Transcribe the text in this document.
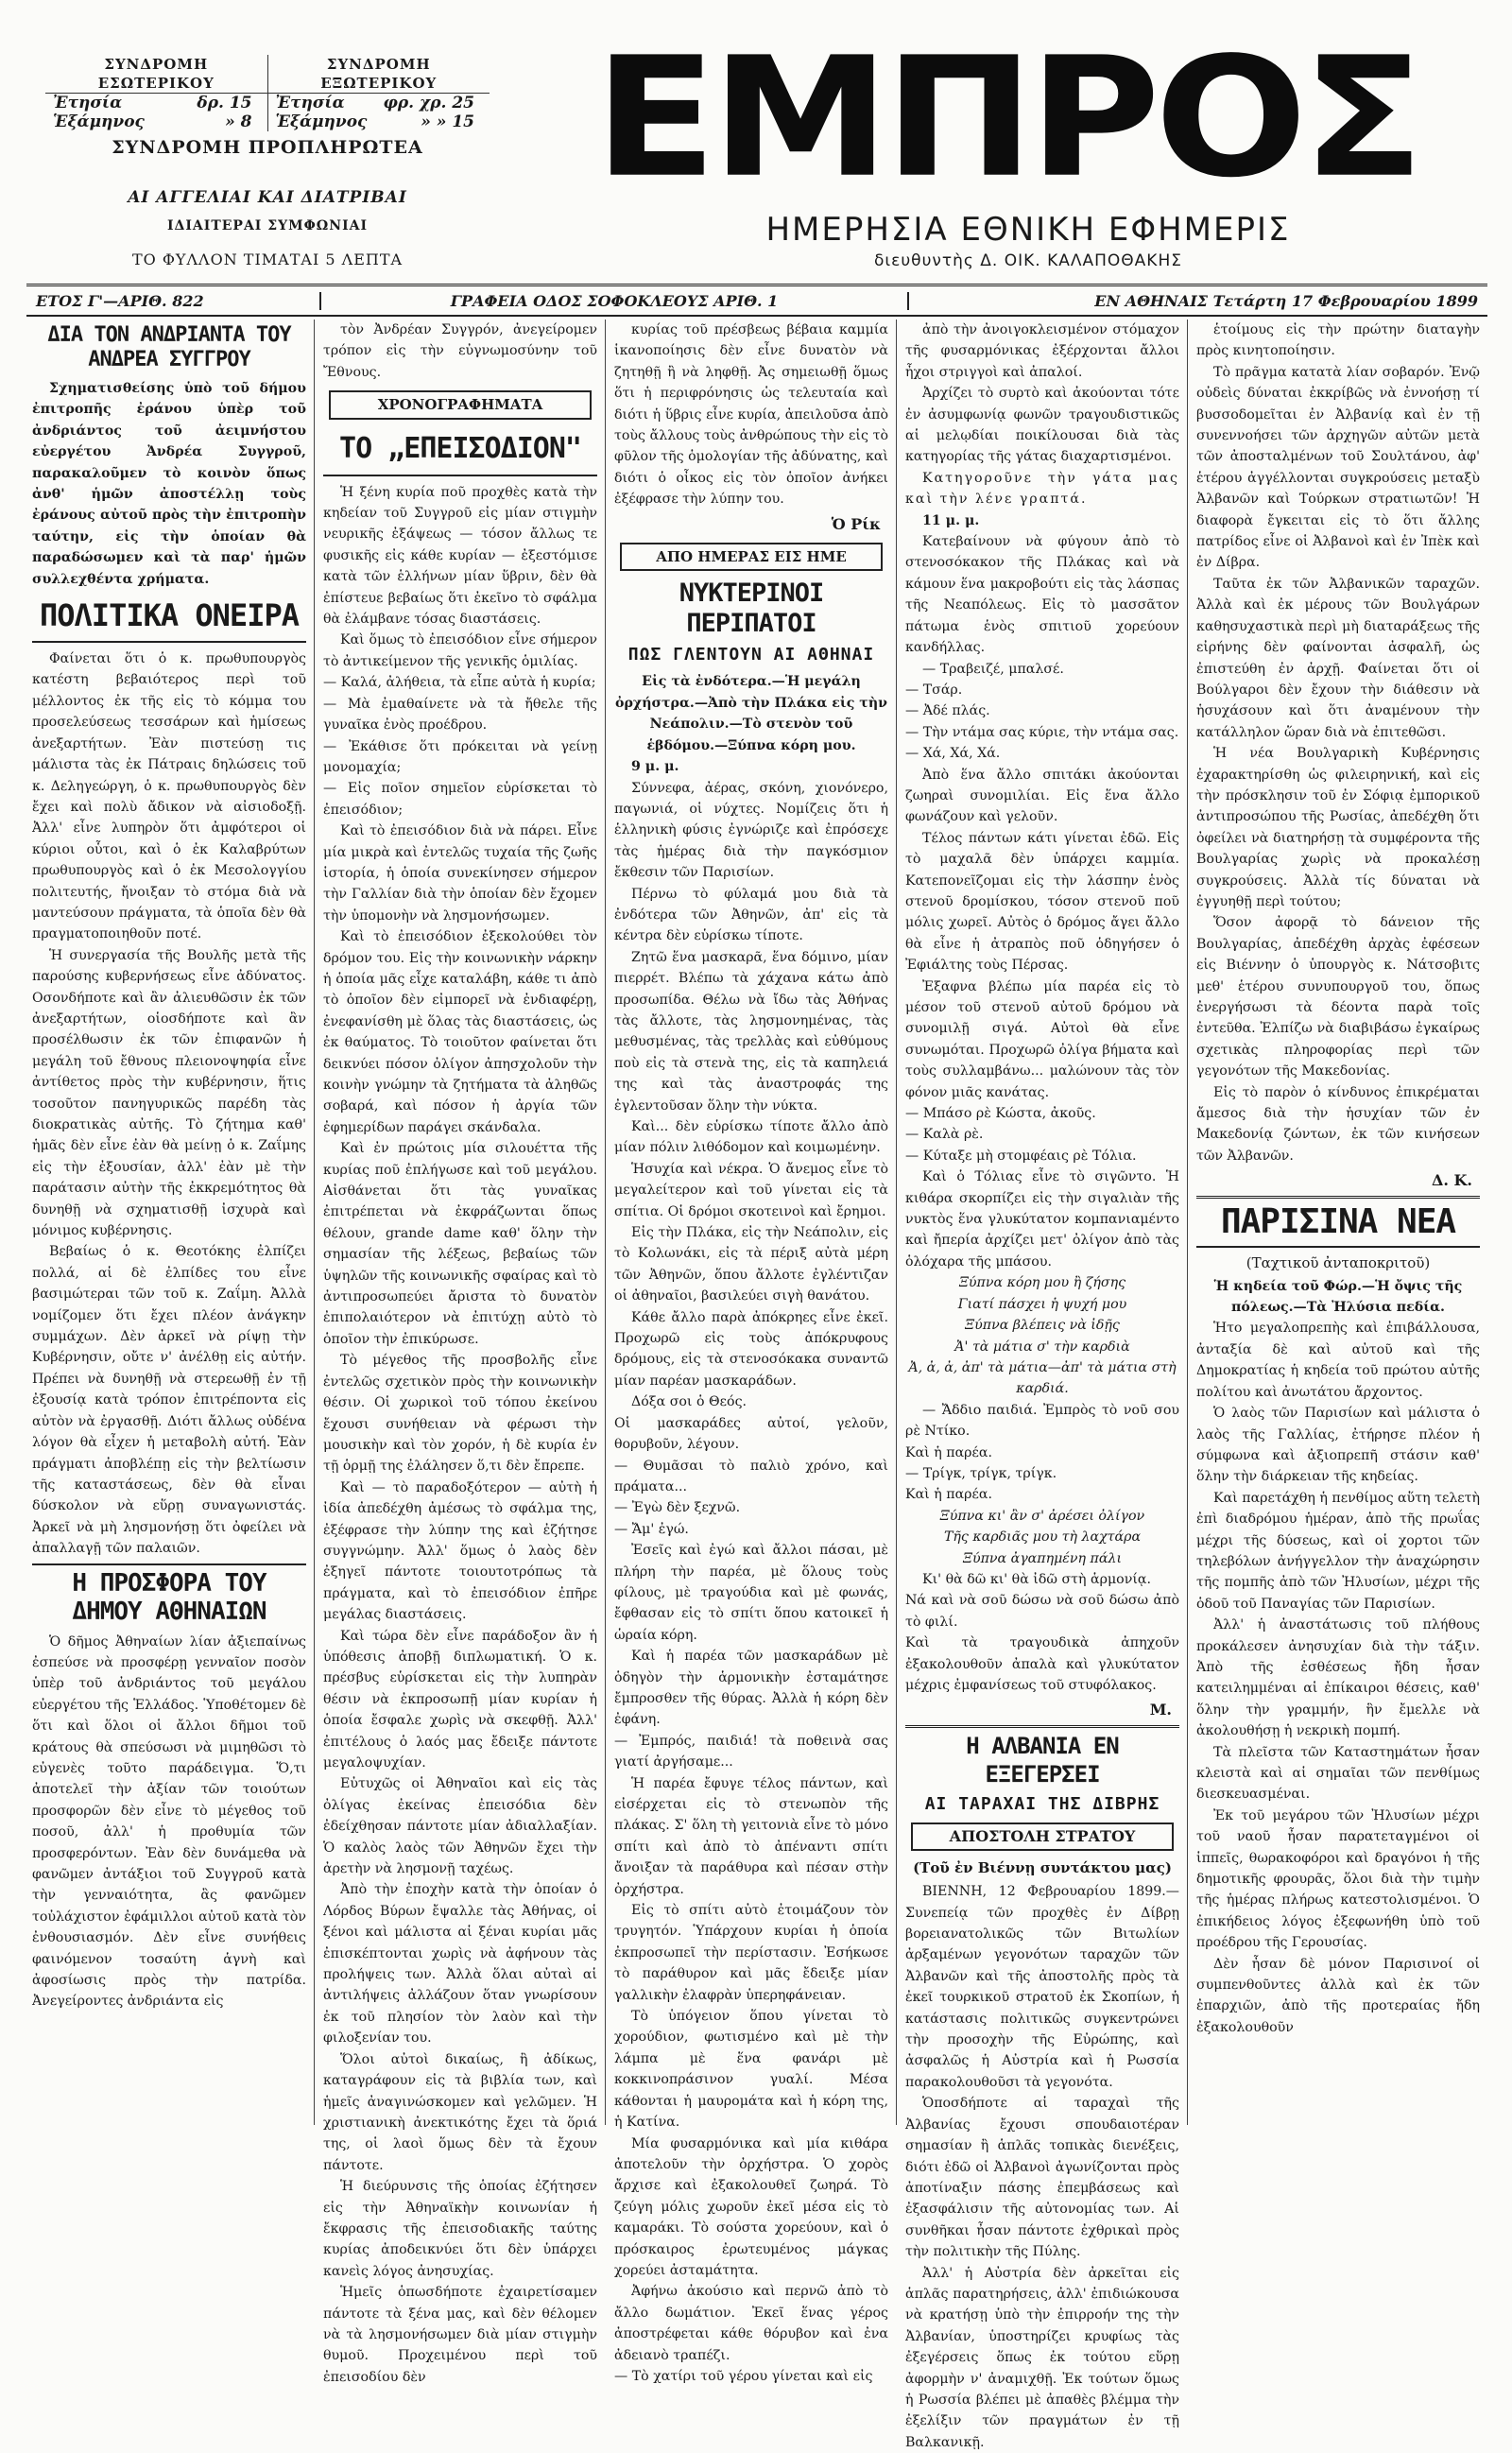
ΣΥΝΔΡΟΜΗ ΕΣΩΤΕΡΙΚΟΥ
Ἐτησία	δρ. 15
Ἑξάμηνος	» 8
ΣΥΝΔΡΟΜΗ ΕΞΩΤΕΡΙΚΟΥ
Ἐτησία φρ. χρ. 25
Ἑξάμηνος	» » 15
ΣΥΝΔΡΟΜΗ ΠΡΟΠΛΗΡΩΤΕΑ
ΑΙ ΑΓΓΕΛΙΑΙ ΚΑΙ ΔΙΑΤΡΙΒΑΙ
ΙΔΙΑΙΤΕΡΑΙ ΣΥΜΦΩΝΙΑΙ
ΤΟ ΦΥΛΛΟΝ ΤΙΜΑΤΑΙ 5 ΛΕΠΤΑ
ΕΜΠΡΟΣ
ΗΜΕΡΗΣΙΑ ΕΘΝΙΚΗ ΕΦΗΜΕΡΙΣ
διευθυντὴς Δ. ΟΙΚ. ΚΑΛΑΠΟΘΑΚΗΣ
ΕΤΟΣ Γ'—ΑΡΙΘ. 822	ΓΡΑΦΕΙΑ ΟΔΟΣ ΣΟΦΟΚΛΕΟΥΣ ΑΡΙΘ. 1	ΕΝ ΑΘΗΝΑΙΣ Τετάρτη 17 Φεβρουαρίου 1899
ΔΙΑ ΤΟΝ ΑΝΔΡΙΑΝΤΑ ΤΟΥ ΑΝΔΡΕΑ ΣΥΓΓΡΟΥ

Σχηματισθείσης ὑπὸ τοῦ δήμου ἐπιτροπῆς ἐράνου ὑπὲρ τοῦ ἀνδριάντος τοῦ ἀειμνήστου εὐεργέτου Ἀνδρέα Συγγροῦ, παρακαλοῦμεν τὸ κοινὸν ὅπως ἀνθ' ἡμῶν ἀποστέλλῃ τοὺς ἐράνους αὐτοῦ πρὸς τὴν ἐπιτροπὴν ταύτην, εἰς τὴν ὁποίαν θὰ παραδώσωμεν καὶ τὰ παρ' ἡμῶν συλλεχθέντα χρήματα.

ΠΟΛΙΤΙΚΑ ΟΝΕΙΡΑ

Φαίνεται ὅτι ὁ κ. πρωθυπουργὸς κατέστη βεβαιότερος περὶ τοῦ μέλλοντος ἐκ τῆς εἰς τὸ κόμμα του προσελεύσεως τεσσάρων καὶ ἡμίσεως ἀνεξαρτήτων. Ἐὰν πιστεύσῃ τις μάλιστα τὰς ἐκ Πάτραις δηλώσεις τοῦ κ. Δεληγεώργη, ὁ κ. πρωθυπουργὸς δὲν ἔχει καὶ πολὺ ἄδικον νὰ αἰσιοδοξῇ. Ἀλλ' εἶνε λυπηρὸν ὅτι ἀμφότεροι οἱ κύριοι οὗτοι, καὶ ὁ ἐκ Καλαβρύτων πρωθυπουργὸς καὶ ὁ ἐκ Μεσολογγίου πολιτευτής, ἤνοιξαν τὸ στόμα διὰ νὰ μαντεύσουν πράγματα, τὰ ὁποῖα δὲν θὰ πραγματοποιηθοῦν ποτέ.

Ἡ συνεργασία τῆς Βουλῆς μετὰ τῆς παρούσης κυβερνήσεως εἶνε ἀδύνατος. Οσονδήποτε καὶ ἂν ἀλιευθῶσιν ἐκ τῶν ἀνεξαρτήτων, οἱοσδήποτε καὶ ἂν προσέλθωσιν ἐκ τῶν ἐπιφανῶν ἡ μεγάλη τοῦ ἔθνους πλειονοψηφία εἶνε ἀντίθετος πρὸς τὴν κυβέρνησιν, ἥτις τοσοῦτον πανηγυρικῶς παρέδη τὰς διοκρατικὰς αὐτῆς. Τὸ ζήτημα καθ' ἡμᾶς δὲν εἶνε ἐὰν θὰ μείνῃ ὁ κ. Ζαΐμης εἰς τὴν ἐξουσίαν, ἀλλ' ἐὰν μὲ τὴν παράτασιν αὐτὴν τῆς ἐκκρεμότητος θὰ δυνηθῇ νὰ σχηματισθῇ ἰσχυρὰ καὶ μόνιμος κυβέρνησις.

Βεβαίως ὁ κ. Θεοτόκης ἐλπίζει πολλά, αἱ δὲ ἐλπίδες του εἶνε βασιμώτεραι τῶν τοῦ κ. Ζαΐμη. Ἀλλὰ νομίζομεν ὅτι ἔχει πλέον ἀνάγκην συμμάχων. Δὲν ἀρκεῖ νὰ ρίψῃ τὴν Κυβέρνησιν, οὔτε ν' ἀνέλθῃ εἰς αὐτήν. Πρέπει νὰ δυνηθῇ νὰ στερεωθῇ ἐν τῇ ἐξουσίᾳ κατὰ τρόπον ἐπιτρέποντα εἰς αὐτὸν νὰ ἐργασθῇ. Διότι ἄλλως οὐδένα λόγον θὰ εἶχεν ἡ μεταβολὴ αὐτή. Ἐὰν πράγματι ἀποβλέπῃ εἰς τὴν βελτίωσιν τῆς καταστάσεως, δὲν θὰ εἶναι δύσκολον νὰ εὕρῃ συναγωνιστάς. Ἀρκεῖ νὰ μὴ λησμονήσῃ ὅτι ὀφείλει νὰ ἀπαλλαγῇ τῶν παλαιῶν.

Η ΠΡΟΣΦΟΡΑ ΤΟΥ ΔΗΜΟΥ ΑΘΗΝΑΙΩΝ

Ὁ δῆμος Ἀθηναίων λίαν ἀξιεπαίνως ἐσπεύσε νὰ προσφέρῃ γενναῖον ποσὸν ὑπὲρ τοῦ ἀνδριάντος τοῦ μεγάλου εὐεργέτου τῆς Ἑλλάδος. Ὑποθέτομεν δὲ ὅτι καὶ ὅλοι οἱ ἄλλοι δῆμοι τοῦ κράτους θὰ σπεύσωσι νὰ μιμηθῶσι τὸ εὐγενὲς τοῦτο παράδειγμα. Ὅ,τι ἀποτελεῖ τὴν ἀξίαν τῶν τοιούτων προσφορῶν δὲν εἶνε τὸ μέγεθος τοῦ ποσοῦ, ἀλλ' ἡ προθυμία τῶν προσφερόντων. Ἐὰν δὲν δυνάμεθα νὰ φανῶμεν ἀντάξιοι τοῦ Συγγροῦ κατὰ τὴν γενναιότητα, ἂς φανῶμεν τοὐλάχιστον ἐφάμιλλοι αὐτοῦ κατὰ τὸν ἐνθουσιασμόν. Δὲν εἶνε συνήθεις φαινόμενον τοσαύτη ἁγνὴ καὶ ἀφοσίωσις πρὸς τὴν πατρίδα. Ἀνεγείροντες ἀνδριάντα εἰς

τὸν Ἀνδρέαν Συγγρόν, ἀνεγείρομεν τρόπον εἰς τὴν εὐγνωμοσύνην τοῦ Ἔθνους.

ΧΡΟΝΟΓΡΑΦΗΜΑΤΑ
ΤΟ „ΕΠΕΙΣΟΔΙΟΝ"

Ἡ ξένη κυρία ποῦ προχθὲς κατὰ τὴν κηδείαν τοῦ Συγγροῦ εἰς μίαν στιγμὴν νευρικῆς ἐξάψεως — τόσον ἄλλως τε φυσικῆς εἰς κάθε κυρίαν — ἐξεστόμισε κατὰ τῶν ἑλλήνων μίαν ὕβριν, δὲν θὰ ἐπίστευε βεβαίως ὅτι ἐκεῖνο τὸ σφάλμα θὰ ἐλάμβανε τόσας διαστάσεις.

Καὶ ὅμως τὸ ἐπεισόδιον εἶνε σήμερον τὸ ἀντικείμενον τῆς γενικῆς ὁμιλίας.
— Καλά, ἀλήθεια, τὰ εἶπε αὐτὰ ἡ κυρία;
— Μὰ ἐμαθαίνετε νὰ τὰ ἤθελε τῆς γυναῖκα ἐνὸς προέδρου.
— Ἐκάθισε ὅτι πρόκειται νὰ γείνῃ μονομαχία;
— Εἰς ποῖον σημεῖον εὑρίσκεται τὸ ἐπεισόδιον;

Καὶ τὸ ἐπεισόδιον διὰ νὰ πάρει. Εἶνε μία μικρὰ καὶ ἐντελῶς τυχαία τῆς ζωῆς ἱστορία, ἡ ὁποία συνεκίνησεν σήμερον τὴν Γαλλίαν διὰ τὴν ὁποίαν δὲν ἔχομεν τὴν ὑπομονὴν νὰ λησμονήσωμεν.

Καὶ τὸ ἐπεισόδιον ἐξεκολούθει τὸν δρόμον του. Εἰς τὴν κοινωνικὴν νάρκην ἡ ὁποία μᾶς εἶχε καταλάβη, κάθε τι ἀπὸ τὸ ὁποῖον δὲν εἰμπορεῖ νὰ ἐνδιαφέρῃ, ἐνεφανίσθη μὲ ὅλας τὰς διαστάσεις, ὡς ἐκ θαύματος. Τὸ τοιοῦτον φαίνεται ὅτι δεικνύει πόσον ὀλίγον ἀπησχολοῦν τὴν κοινὴν γνώμην τὰ ζητήματα τὰ ἀληθῶς σοβαρά, καὶ πόσον ἡ ἀργία τῶν ἐφημερίδων παράγει σκάνδαλα.

Καὶ ἐν πρώτοις μία σιλουέττα τῆς κυρίας ποῦ ἐπλήγωσε καὶ τοῦ μεγάλου. Αἰσθάνεται ὅτι τὰς γυναῖκας ἐπιτρέπεται νὰ ἐκφράζωνται ὅπως θέλουν, grande dame καθ' ὅλην τὴν σημασίαν τῆς λέξεως, βεβαίως τῶν ὑψηλῶν τῆς κοινωνικῆς σφαίρας καὶ τὸ ἀντιπροσωπεύει ἄριστα τὸ δυνατὸν ἐπιπολαιότερον νὰ ἐπιτύχῃ αὐτὸ τὸ ὁποῖον τὴν ἐπικύρωσε.

Τὸ μέγεθος τῆς προσβολῆς εἶνε ἐντελῶς σχετικὸν πρὸς τὴν κοινωνικὴν θέσιν. Οἱ χωρικοὶ τοῦ τόπου ἐκείνου ἔχουσι συνήθειαν νὰ φέρωσι τὴν μουσικὴν καὶ τὸν χορόν, ἡ δὲ κυρία ἐν τῇ ὁρμῇ της ἐλάλησεν ὅ,τι δὲν ἔπρεπε.

Καὶ — τὸ παραδοξότερον — αὐτὴ ἡ ἰδία ἀπεδέχθη ἀμέσως τὸ σφάλμα της, ἐξέφρασε τὴν λύπην της καὶ ἐζήτησε συγγνώμην. Ἀλλ' ὅμως ὁ λαὸς δὲν ἐξηγεῖ πάντοτε τοιουτοτρόπως τὰ πράγματα, καὶ τὸ ἐπεισόδιον ἐπῆρε μεγάλας διαστάσεις.

Καὶ τώρα δὲν εἶνε παράδοξον ἂν ἡ ὑπόθεσις ἀποβῇ διπλωματική. Ὁ κ. πρέσβυς εὑρίσκεται εἰς τὴν λυπηρὰν θέσιν νὰ ἐκπροσωπῇ μίαν κυρίαν ἡ ὁποία ἔσφαλε χωρὶς νὰ σκεφθῇ. Ἀλλ' ἐπιτέλους ὁ λαός μας ἔδειξε πάντοτε μεγαλοψυχίαν.

Εὐτυχῶς οἱ Ἀθηναῖοι καὶ εἰς τὰς ὀλίγας ἐκείνας ἐπεισόδια δὲν ἐδείχθησαν πάντοτε μίαν ἀδιαλλαξίαν. Ὁ καλὸς λαὸς τῶν Ἀθηνῶν ἔχει τὴν ἀρετὴν νὰ λησμονῇ ταχέως.

Ἀπὸ τὴν ἐποχὴν κατὰ τὴν ὁποίαν ὁ Λόρδος Βύρων ἔψαλλε τὰς Ἀθήνας, οἱ ξένοι καὶ μάλιστα αἱ ξέναι κυρίαι μᾶς ἐπισκέπτονται χωρὶς νὰ ἀφήνουν τὰς προλήψεις των. Ἀλλὰ ὅλαι αὐταὶ αἱ ἀντιλήψεις ἀλλάζουν ὅταν γνωρίσουν ἐκ τοῦ πλησίον τὸν λαὸν καὶ τὴν φιλοξενίαν του.

Ὅλοι αὐτοὶ δικαίως, ἢ ἀδίκως, καταγράφουν εἰς τὰ βιβλία των, καὶ ἡμεῖς ἀναγινώσκομεν καὶ γελῶμεν. Ἡ χριστιανικὴ ἀνεκτικότης ἔχει τὰ ὅριά της, οἱ λαοὶ ὅμως δὲν τὰ ἔχουν πάντοτε.

Ἡ διεύρυνσις τῆς ὁποίας ἐζήτησεν εἰς τὴν Ἀθηναϊκὴν κοινωνίαν ἡ ἔκφρασις τῆς ἐπεισοδιακῆς ταύτης κυρίας ἀποδεικνύει ὅτι δὲν ὑπάρχει κανεὶς λόγος ἀνησυχίας.

Ἡμεῖς ὁπωσδήποτε ἐχαιρετίσαμεν πάντοτε τὰ ξένα μας, καὶ δὲν θέλομεν νὰ τὰ λησμονήσωμεν διὰ μίαν στιγμὴν θυμοῦ. Προχειμένου περὶ τοῦ ἐπεισοδίου δὲν

κυρίας τοῦ πρέσβεως βέβαια καμμία ἱκανοποίησις δὲν εἶνε δυνατὸν νὰ ζητηθῇ ἢ νὰ ληφθῇ. Ἀς σημειωθῇ ὅμως ὅτι ἡ περιφρόνησις ὡς τελευταία καὶ διότι ἡ ὕβρις εἶνε κυρία, ἀπειλοῦσα ἀπὸ τοὺς ἄλλους τοὺς ἀνθρώπους τὴν εἰς τὸ φῦλον τῆς ὁμολογίαν τῆς ἀδύνατης, καὶ διότι ὁ οἶκος εἰς τὸν ὁποῖον ἀνήκει ἐξέφρασε τὴν λύπην του.

Ὁ Ρίκ
ΑΠΟ ΗΜΕΡΑΣ ΕΙΣ ΗΜΕ
ΝΥΚΤΕΡΙΝΟΙ ΠΕΡΙΠΑΤΟΙ
ΠΩΣ ΓΛΕΝΤΟΥΝ ΑΙ ΑΘΗΝΑΙ

Εἰς τὰ ἐνδότερα.—Ἡ μεγάλη ὀρχήστρα.—Ἀπὸ τὴν Πλάκα εἰς τὴν Νεάπολιν.—Τὸ στενὸν τοῦ ἑβδόμου.—Ξύπνα κόρη μου.

9 μ. μ.

Σύννεφα, ἀέρας, σκόνη, χιονόνερο, παγωνιά, οἱ νύχτες. Νομίζεις ὅτι ἡ ἑλληνικὴ φύσις ἐγνώριζε καὶ ἐπρόσεχε τὰς ἡμέρας διὰ τὴν παγκόσμιον ἔκθεσιν τῶν Παρισίων.

Πέρνω τὸ φύλαμά μου διὰ τὰ ἐνδότερα τῶν Ἀθηνῶν, ἀπ' εἰς τὰ κέντρα δὲν εὑρίσκω τίποτε.

Ζητῶ ἕνα μασκαρᾶ, ἕνα δόμινο, μίαν πιερρέτ. Βλέπω τὰ χάχανα κάτω ἀπὸ προσωπίδα. Θέλω νὰ ἴδω τὰς Ἀθήνας τὰς ἄλλοτε, τὰς λησμονημένας, τὰς μεθυσμένας, τὰς τρελλὰς καὶ εὐθύμους ποὺ εἰς τὰ στενὰ της, εἰς τὰ καπηλειά της καὶ τὰς ἀναστροφάς της ἐγλεντοῦσαν ὅλην τὴν νύκτα.

Καὶ... δὲν εὑρίσκω τίποτε ἄλλο ἀπὸ μίαν πόλιν λιθόδομον καὶ κοιμωμένην.

Ἡσυχία καὶ νέκρα. Ὁ ἄνεμος εἶνε τὸ μεγαλείτερον καὶ τοῦ γίνεται εἰς τὰ σπίτια. Οἱ δρόμοι σκοτεινοὶ καὶ ἔρημοι.

Εἰς τὴν Πλάκα, εἰς τὴν Νεάπολιν, εἰς τὸ Κολωνάκι, εἰς τὰ πέριξ αὐτὰ μέρη τῶν Ἀθηνῶν, ὅπου ἄλλοτε ἐγλέντιζαν οἱ ἀθηναῖοι, βασιλεύει σιγὴ θανάτου.

Κάθε ἄλλο παρὰ ἀπόκρηες εἶνε ἐκεῖ. Προχωρῶ εἰς τοὺς ἀπόκρυφους δρόμους, εἰς τὰ στενοσόκακα συναντῶ μίαν παρέαν μασκαράδων.

Δόξα σοι ὁ Θεός.
Οἱ μασκαράδες αὐτοί, γελοῦν, θορυβοῦν, λέγουν.
— Θυμᾶσαι τὸ παλιὸ χρόνο, καὶ πράματα...
— Ἐγὼ δὲν ξεχνῶ.
— Ἄμ' ἐγώ.

Ἐσεῖς καὶ ἐγώ καὶ ἄλλοι πάσαι, μὲ πλήρη τὴν παρέα, μὲ ὅλους τοὺς φίλους, μὲ τραγούδια καὶ μὲ φωνάς, ἔφθασαν εἰς τὸ σπίτι ὅπου κατοικεῖ ἡ ὡραία κόρη.

Καὶ ἡ παρέα τῶν μασκαράδων μὲ ὁδηγὸν τὴν ἁρμονικὴν ἐσταμάτησε ἔμπροσθεν τῆς θύρας. Ἀλλὰ ἡ κόρη δὲν ἐφάνη.
— Ἐμπρός, παιδιά! τὰ ποθεινὰ σας γιατί ἀργήσαμε...

Ἡ παρέα ἔφυγε τέλος πάντων, καὶ εἰσέρχεται εἰς τὸ στενωπὸν τῆς πλάκας. Σ' ὅλη τὴ γειτονιὰ εἶνε τὸ μόνο σπίτι καὶ ἀπὸ τὸ ἀπέναντι σπίτι ἄνοιξαν τὰ παράθυρα καὶ πέσαν στὴν ὀρχήστρα.

Εἰς τὸ σπίτι αὐτὸ ἐτοιμάζουν τὸν τρυγητόν. Ὑπάρχουν κυρίαι ἡ ὁποία ἐκπροσωπεῖ τὴν περίστασιν. Ἐσήκωσε τὸ παράθυρον καὶ μᾶς ἔδειξε μίαν γαλλικὴν ἐλαφρὰν ὑπερηφάνειαν.

Τὸ ὑπόγειον ὅπου γίνεται τὸ χορούδιον, φωτισμένο καὶ μὲ τὴν λάμπα μὲ ἕνα φανάρι μὲ κοκκινοπράσινον γυαλί. Μέσα κάθονται ἡ μαυρομάτα καὶ ἡ κόρη της, ἡ Κατίνα.

Μία φυσαρμόνικα καὶ μία κιθάρα ἀποτελοῦν τὴν ὀρχήστρα. Ὁ χορὸς ἄρχισε καὶ ἐξακολουθεῖ ζωηρά. Τὸ ζεύγη μόλις χωροῦν ἐκεῖ μέσα εἰς τὸ καμαράκι. Τὸ σούστα χορεύουν, καὶ ὁ πρόσκαιρος ἐρωτευμένος μάγκας χορεύει ἀσταμάτητα.

Ἀφήνω ἀκούσιο καὶ περνῶ ἀπὸ τὸ ἄλλο δωμάτιον. Ἐκεῖ ἕνας γέρος ἀποστρέφεται κάθε θόρυβον καὶ ἐνα ἀδειανὸ τραπέζι.
— Τὸ χατίρι τοῦ γέρου γίνεται καὶ εἰς

ἀπὸ τὴν ἀνοιγοκλεισμένον στόμαχον τῆς φυσαρμόνικας ἐξέρχονται ἄλλοι ἦχοι στριγγοὶ καὶ ἀπαλοί.

Ἀρχίζει τὸ συρτὸ καὶ ἀκούονται τότε ἐν ἀσυμφωνίᾳ φωνῶν τραγουδιστικῶς αἱ μελῳδίαι ποικίλουσαι διὰ τὰς κατηγορίας τῆς γάτας διαχαρτισμένοι.

Κατηγοροῦνε τὴν γάτα μας καὶ τὴν λένε γραπτά.

11 μ. μ.

Κατεβαίνουν νὰ φύγουν ἀπὸ τὸ στενοσόκακον τῆς Πλάκας καὶ νὰ κάμουν ἕνα μακροβούτι εἰς τὰς λάσπας τῆς Νεαπόλεως. Εἰς τὸ μασσᾶτον πάτωμα ἑνὸς σπιτιοῦ χορεύουν κανδήλλας.

— Τραβειζέ, μπαλσέ.
— Τσάρ.
— Ἀδέ πλάς.
— Τὴν ντάμα σας κύριε, τὴν ντάμα σας.
— Χά, Χά, Χά.

Ἀπὸ ἕνα ἄλλο σπιτάκι ἀκούονται ζωηραὶ συνομιλίαι. Εἰς ἕνα ἄλλο φωνάζουν καὶ γελοῦν.

Τέλος πάντων κάτι γίνεται ἐδῶ. Εἰς τὸ μαχαλᾶ δὲν ὑπάρχει καμμία. Κατεπονεῖζομαι εἰς τὴν λάσπην ἑνὸς στενοῦ δρομίσκου, τόσον στενοῦ ποῦ μόλις χωρεῖ. Αὐτὸς ὁ δρόμος ἄγει ἄλλο θὰ εἶνε ἡ ἀτραπὸς ποῦ ὁδηγήσεν ὁ Ἐφιάλτης τοὺς Πέρσας.

Ἐξαφνα βλέπω μία παρέα εἰς τὸ μέσον τοῦ στενοῦ αὐτοῦ δρόμου νὰ συνομιλῇ σιγά. Αὐτοὶ θὰ εἶνε συνωμόται. Προχωρῶ ὀλίγα βήματα καὶ τοὺς συλλαμβάνω... μαλώνουν τὰς τὸν φόνον μιᾶς κανάτας.
— Μπάσο ρὲ Κώστα, ἀκοῦς.
— Καλὰ ρὲ.
— Κύταξε μὴ στομφέαις ρὲ Τόλια.

Καὶ ὁ Τόλιας εἶνε τὸ σιγῶντο. Ἡ κιθάρα σκορπίζει εἰς τὴν σιγαλιὰν τῆς νυκτὸς ἕνα γλυκύτατον κομπανιαμέντο καὶ ἤπερία ἀρχίζει μετ' ὀλίγον ἀπὸ τὰς ὁλόχαρα τῆς μπάσου.

Ξύπνα κόρη μου ἢ ζήσης
Γιατί πάσχει ἡ ψυχή μου
Ξύπνα βλέπεις νὰ ἰδῇς
Ἀ' τὰ μάτια σ' τὴν καρδιὰ
Ἀ, ἀ, ἀ, ἀπ' τὰ μάτια—ἀπ' τὰ μάτια στὴ καρδιά.

— Ἄδδιο παιδιά. Ἐμπρὸς τὸ νοῦ σου ρὲ Ντίκο.
Καὶ ἡ παρέα.
— Τρίγκ, τρίγκ, τρίγκ.
Καὶ ἡ παρέα.

Ξύπνα κι' ἂν σ' ἀρέσει ὀλίγον
Τῆς καρδιᾶς μου τὴ λαχτάρα
Ξύπνα ἀγαπημένη πάλι

Κι' θὰ δῶ κι' θὰ ἰδῶ στὴ ἁρμονίᾳ.
Νά καὶ νὰ σοῦ δώσω νὰ σοῦ δώσω ἀπὸ τὸ φιλί.
Καὶ τὰ τραγουδικὰ ἀπηχοῦν ἐξακολουθοῦν ἀπαλὰ καὶ γλυκύτατον μέχρις ἐμφανίσεως τοῦ στυφόλακος.

Μ.
Η ΑΛΒΑΝΙΑ ΕΝ ΕΞΕΓΕΡΣΕΙ
ΑΙ ΤΑΡΑΧΑΙ ΤΗΣ ΔΙΒΡΗΣ
ΑΠΟΣΤΟΛΗ ΣΤΡΑΤΟΥ
(Τοῦ ἐν Βιέννῃ συντάκτου μας)

ΒΙΕΝΝΗ, 12 Φεβρουαρίου 1899.— Συνεπείᾳ τῶν προχθὲς ἐν Δίβρῃ βορειανατολικῶς τῶν Βιτωλίων ἀρξαμένων γεγονότων ταραχῶν τῶν Ἀλβανῶν καὶ τῆς ἀποστολῆς πρὸς τὰ ἐκεῖ τουρκικοῦ στρατοῦ ἐκ Σκοπίων, ἡ κατάστασις πολιτικῶς συγκεντρώνει τὴν προσοχὴν τῆς Εὐρώπης, καὶ ἀσφαλῶς ἡ Αὐστρία καὶ ἡ Ρωσσία παρακολουθοῦσι τὰ γεγονότα.

Ὁποσδήποτε αἱ ταραχαὶ τῆς Ἀλβανίας ἔχουσι σπουδαιοτέραν σημασίαν ἢ ἁπλᾶς τοπικὰς διενέξεις, διότι ἐδῶ οἱ Ἀλβανοὶ ἀγωνίζονται πρὸς ἀποτίναξιν πάσης ἐπεμβάσεως καὶ ἐξασφάλισιν τῆς αὐτονομίας των. Αἱ συνθῆκαι ἦσαν πάντοτε ἐχθρικαὶ πρὸς τὴν πολιτικὴν τῆς Πύλης.

Ἀλλ' ἡ Αὐστρία δὲν ἀρκεῖται εἰς ἁπλᾶς παρατηρήσεις, ἀλλ' ἐπιδιώκουσα νὰ κρατήσῃ ὑπὸ τὴν ἐπιρροήν της τὴν Ἀλβανίαν, ὑποστηρίζει κρυφίως τὰς ἐξεγέρσεις ὅπως ἐκ τούτου εὕρῃ ἀφορμὴν ν' ἀναμιχθῇ. Ἐκ τούτων ὅμως ἡ Ρωσσία βλέπει μὲ ἀπαθὲς βλέμμα τὴν ἐξελίξιν τῶν πραγμάτων ἐν τῇ Βαλκανικῇ.

ἑτοίμους εἰς τὴν πρώτην διαταγὴν πρὸς κινητοποίησιν.

Τὸ πρᾶγμα κατατὰ λίαν σοβαρόν. Ἐνῷ οὐδεὶς δύναται ἐκκρίβῶς νὰ ἐννοήσῃ τί βυσσοδομεῖται ἐν Ἀλβανίᾳ καὶ ἐν τῇ συνεννοήσει τῶν ἀρχηγῶν αὐτῶν μετὰ τῶν ἀποσταλμένων τοῦ Σουλτάνου, ἀφ' ἑτέρου ἀγγέλλονται συγκρούσεις μεταξὺ Ἀλβανῶν καὶ Τούρκων στρατιωτῶν! Ἡ διαφορὰ ἔγκειται εἰς τὸ ὅτι ἄλλης πατρίδος εἶνε οἱ Ἀλβανοὶ καὶ ἐν Ἰπὲκ καὶ ἐν Δίβρα.

Ταῦτα ἐκ τῶν Ἀλβανικῶν ταραχῶν. Ἀλλὰ καὶ ἐκ μέρους τῶν Βουλγάρων καθησυχαστικὰ περὶ μὴ διαταράξεως τῆς εἰρήνης δὲν φαίνονται ἀσφαλῆ, ὡς ἐπιστεύθη ἐν ἀρχῇ. Φαίνεται ὅτι οἱ Βούλγαροι δὲν ἔχουν τὴν διάθεσιν νὰ ἡσυχάσουν καὶ ὅτι ἀναμένουν τὴν κατάλληλον ὥραν διὰ νὰ ἐπιτεθῶσι.

Ἡ νέα Βουλγαρικὴ Κυβέρνησις ἐχαρακτηρίσθη ὡς φιλειρηνική, καὶ εἰς τὴν πρόσκλησιν τοῦ ἐν Σόφιᾳ ἐμπορικοῦ ἀντιπροσώπου τῆς Ρωσίας, ἀπεδέχθη ὅτι ὀφείλει νὰ διατηρήσῃ τὰ συμφέροντα τῆς Βουλγαρίας χωρὶς νὰ προκαλέσῃ συγκρούσεις. Ἀλλὰ τίς δύναται νὰ ἐγγυηθῇ περὶ τούτου;

Ὅσον ἀφορᾷ τὸ δάνειον τῆς Βουλγαρίας, ἀπεδέχθη ἀρχὰς ἐφέσεων εἰς Βιέννην ὁ ὑπουργὸς κ. Νάτσοβιτς μεθ' ἑτέρου συνυπουργοῦ του, ὅπως ἐνεργήσωσι τὰ δέοντα παρὰ τοῖς ἐντεῦθα. Ἐλπίζω νὰ διαβιβάσω ἐγκαίρως σχετικὰς πληροφορίας περὶ τῶν γεγονότων τῆς Μακεδονίας.

Εἰς τὸ παρὸν ὁ κίνδυνος ἐπικρέμαται ἄμεσος διὰ τὴν ἡσυχίαν τῶν ἐν Μακεδονίᾳ ζώντων, ἐκ τῶν κινήσεων τῶν Ἀλβανῶν.

Δ. Κ.
ΠΑΡΙΣΙΝΑ ΝΕΑ
(Ταχτικοῦ ἀνταποκριτοῦ)

Ἡ κηδεία τοῦ Φώρ.—Ἡ ὄψις τῆς πόλεως.—Τὰ Ἠλύσια πεδία.

Ἡτο μεγαλοπρεπὴς καὶ ἐπιβάλλουσα, ἀνταξία δὲ καὶ αὐτοῦ καὶ τῆς Δημοκρατίας ἡ κηδεία τοῦ πρώτου αὐτῆς πολίτου καὶ ἀνωτάτου ἄρχοντος.

Ὁ λαὸς τῶν Παρισίων καὶ μάλιστα ὁ λαὸς τῆς Γαλλίας, ἐτήρησε πλέον ἡ σύμφωνα καὶ ἀξιοπρεπῆ στάσιν καθ' ὅλην τὴν διάρκειαν τῆς κηδείας.

Καὶ παρετάχθη ἡ πενθίμος αὕτη τελετὴ ἐπὶ διαδρόμου ἡμέραν, ἀπὸ τῆς πρωΐας μέχρι τῆς δύσεως, καὶ οἱ χορτοι τῶν τηλεβόλων ἀνήγγελλον τὴν ἀναχώρησιν τῆς πομπῆς ἀπὸ τῶν Ἠλυσίων, μέχρι τῆς ὁδοῦ τοῦ Παναγίας τῶν Παρισίων.

Ἀλλ' ἡ ἀναστάτωσις τοῦ πλήθους προκάλεσεν ἀνησυχίαν διὰ τὴν τάξιν. Ἀπὸ τῆς ἐσθέσεως ἤδη ἦσαν κατειλημμέναι αἱ ἐπίκαιροι θέσεις, καθ' ὅλην τὴν γραμμήν, ἣν ἔμελλε νὰ ἀκολουθήσῃ ἡ νεκρικὴ πομπή.

Τὰ πλεῖστα τῶν Καταστημάτων ἦσαν κλειστὰ καὶ αἱ σημαῖαι τῶν πενθίμως διεσκευασμέναι.

Ἐκ τοῦ μεγάρου τῶν Ἠλυσίων μέχρι τοῦ ναοῦ ἦσαν παρατεταγμένοι οἱ ἱππεῖς, θωρακοφόροι καὶ δραγόνοι ἡ τῆς δημοτικῆς φρουρᾶς, ὅλοι διὰ τὴν τιμὴν τῆς ἡμέρας πλήρως κατεστολισμένοι. Ὁ ἐπικήδειος λόγος ἐξεφωνήθη ὑπὸ τοῦ προέδρου τῆς Γερουσίας.

Δὲν ἦσαν δὲ μόνον Παρισινοί οἱ συμπενθοῦντες ἀλλὰ καὶ ἐκ τῶν ἐπαρχιῶν, ἀπὸ τῆς προτεραίας ἤδη ἐξακολουθοῦν
